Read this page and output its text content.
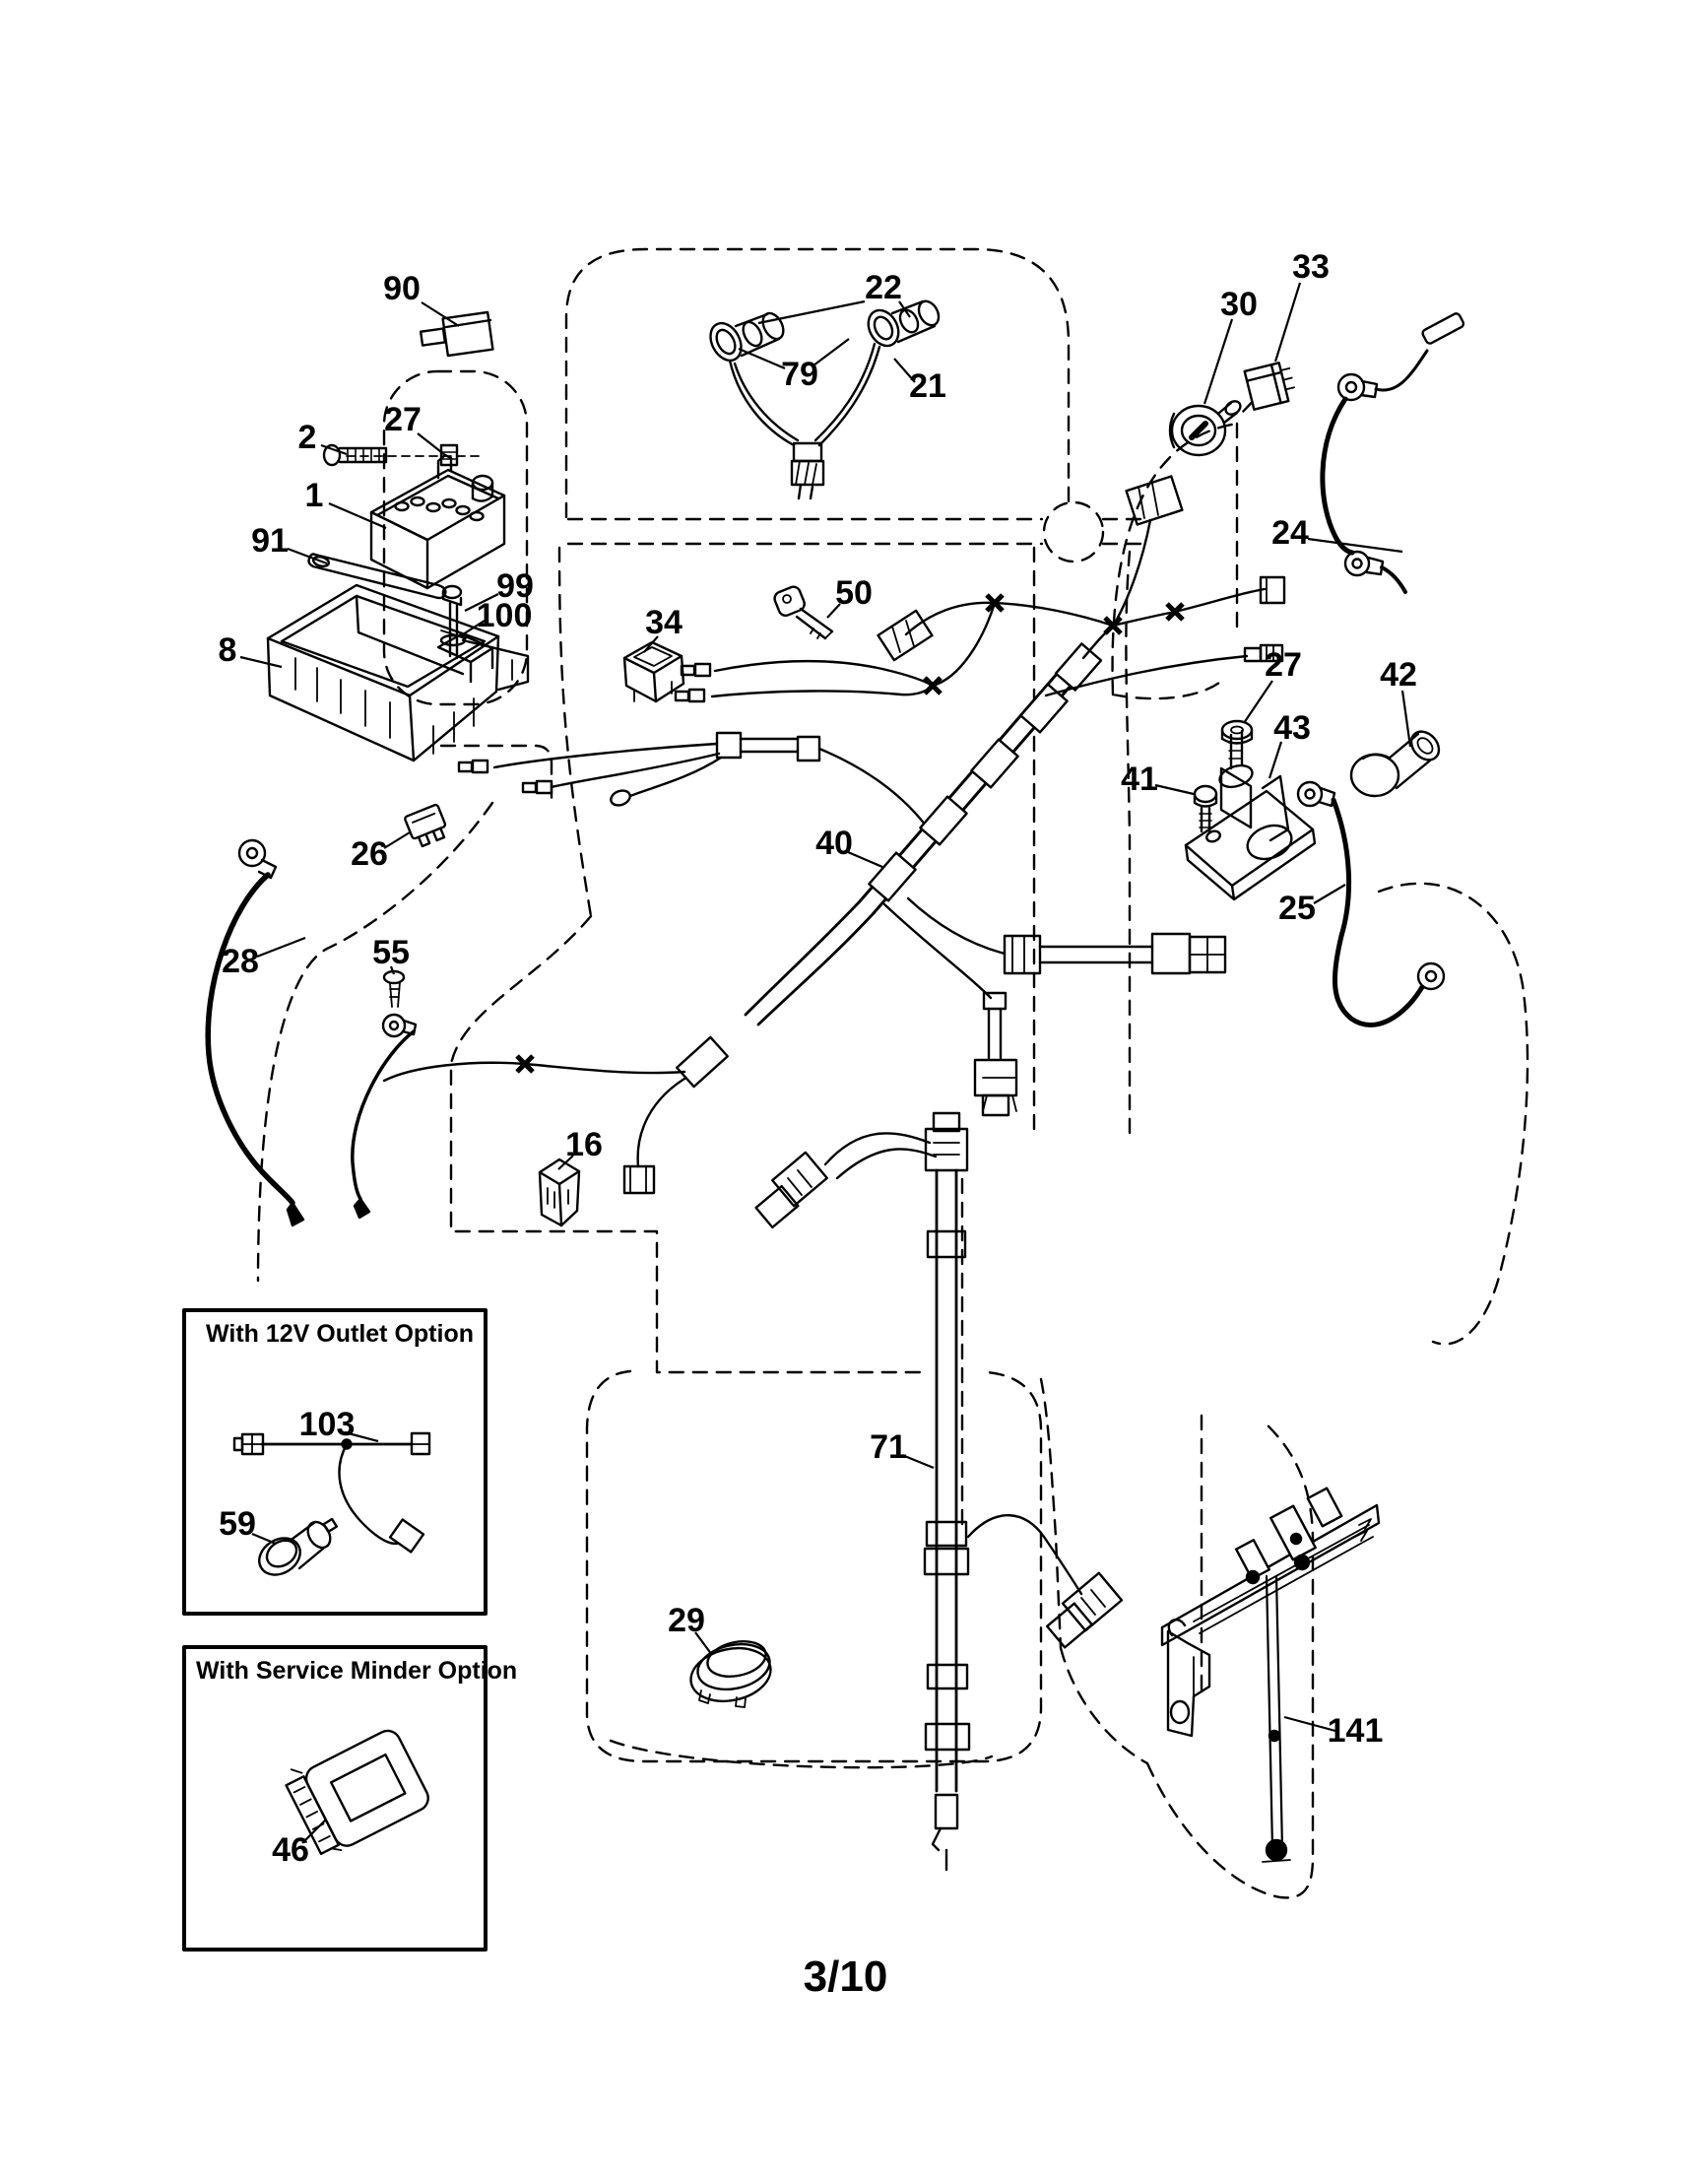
90
2 27
1
91
99
100
8
22
79	21
30
33
24
34
50
27 42
43
41
26	40
25
28	55
16
71
103
59
29
46
141
With 12V Outlet Option
With Service Minder Option
3/10
